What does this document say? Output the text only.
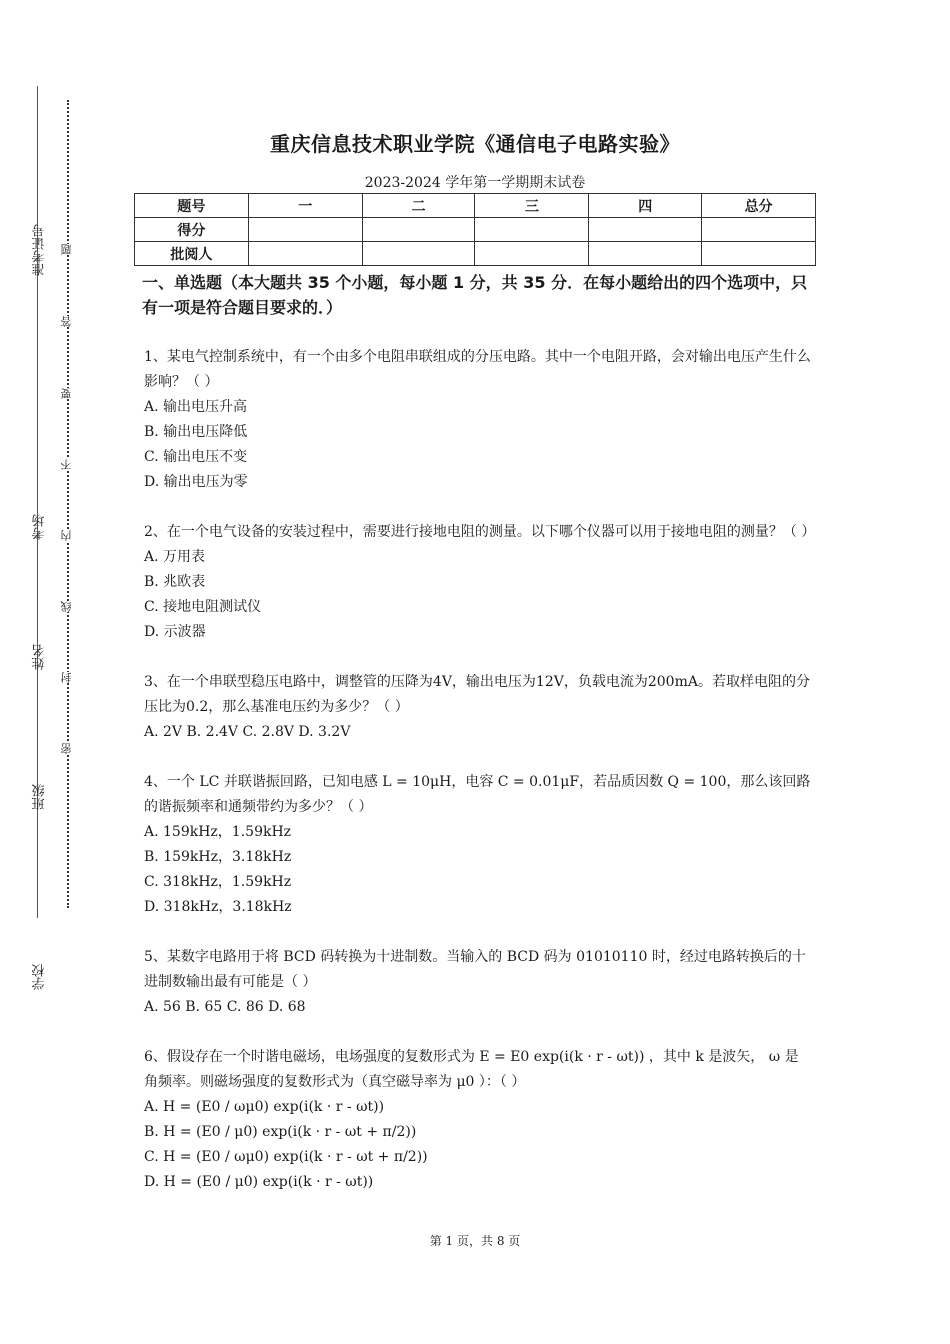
准考证号
考场
姓名
班级
学校
题
答
要
不
内
线
封
密
重庆信息技术职业学院《通信电子电路实验》
2023-2024 学年第一学期期末试卷
题号	一	二	三	四	总分
得分					
批阅人					
一、单选题（本大题共 35 个小题，每小题 1 分，共 35 分．在每小题给出的四个选项中，只有一项是符合题目要求的．）

1、某电气控制系统中，有一个由多个电阻串联组成的分压电路。其中一个电阻开路，会对输出电压产生什么影响？（ ）

A. 输出电压升高

B. 输出电压降低

C. 输出电压不变

D. 输出电压为零

2、在一个电气设备的安装过程中，需要进行接地电阻的测量。以下哪个仪器可以用于接地电阻的测量？（ ）

A. 万用表

B. 兆欧表

C. 接地电阻测试仪

D. 示波器

3、在一个串联型稳压电路中，调整管的压降为4V，输出电压为12V，负载电流为200mA。若取样电阻的分压比为0.2，那么基准电压约为多少？（ ）

A. 2V B. 2.4V C. 2.8V D. 3.2V

4、一个 LC 并联谐振回路，已知电感 L = 10μH，电容 C = 0.01μF，若品质因数 Q = 100，那么该回路的谐振频率和通频带约为多少？（ ）

A. 159kHz，1.59kHz

B. 159kHz，3.18kHz

C. 318kHz，1.59kHz

D. 318kHz，3.18kHz

5、某数字电路用于将 BCD 码转换为十进制数。当输入的 BCD 码为 01010110 时，经过电路转换后的十进制数输出最有可能是（ ）

A. 56 B. 65 C. 86 D. 68

6、假设存在一个时谐电磁场，电场强度的复数形式为 E = E0 exp(i(k · r - ωt)) ，其中 k 是波矢， ω 是角频率。则磁场强度的复数形式为（真空磁导率为 μ0 ）：（ ）

A. H = (E0 / ωμ0) exp(i(k · r - ωt))

B. H = (E0 / μ0) exp(i(k · r - ωt + π/2))

C. H = (E0 / ωμ0) exp(i(k · r - ωt + π/2))

D. H = (E0 / μ0) exp(i(k · r - ωt))

第 1 页，共 8 页
